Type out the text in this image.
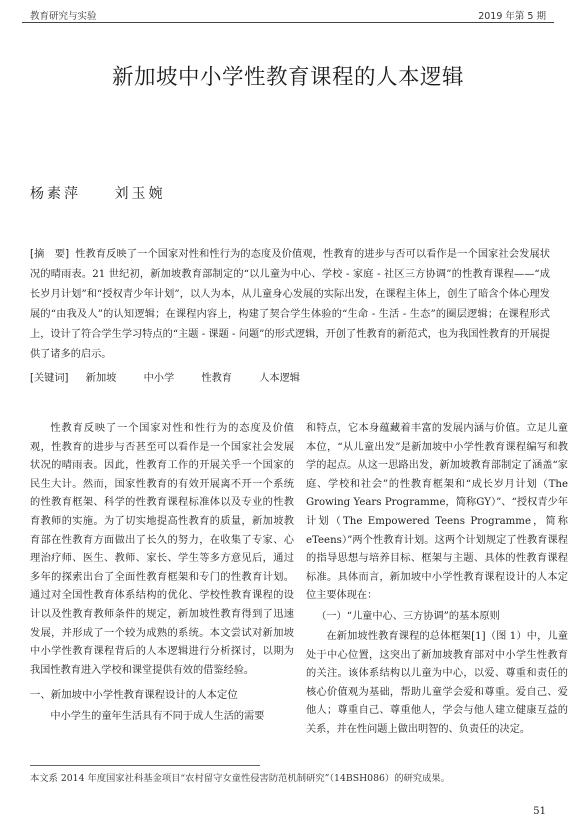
教育研究与实验	2019 年第 5 期
新加坡中小学性教育课程的人本逻辑
杨素萍 刘玉婉
[摘　要] 性教育反映了一个国家对性和性行为的态度及价值观，性教育的进步与否可以看作是一个国家社会发展状况的晴雨表。21 世纪初，新加坡教育部制定的“以儿童为中心、学校 - 家庭 - 社区三方协调”的性教育课程——“成长岁月计划”和“授权青少年计划”，以人为本，从儿童身心发展的实际出发，在课程主体上，创生了暗含个体心理发展的“由我及人”的认知逻辑；在课程内容上，构建了契合学生体验的“生命 - 生活 - 生态”的圈层逻辑；在课程形式上，设计了符合学生学习特点的“主题 - 课题 - 问题”的形式逻辑，开创了性教育的新范式，也为我国性教育的开展提供了诸多的启示。
[关键词] 新加坡	中小学	性教育	人本逻辑

性教育反映了一个国家对性和性行为的态度及价值观，性教育的进步与否甚至可以看作是一个国家社会发展状况的晴雨表。因此，性教育工作的开展关乎一个国家的民生大计。然而，国家性教育的有效开展离不开一个系统的性教育框架、科学的性教育课程标准体以及专业的性教育教师的实施。为了切实地提高性教育的质量，新加坡教育部在性教育方面做出了长久的努力，在收集了专家、心理治疗师、医生、教师、家长、学生等多方意见后，通过多年的探索出台了全面性教育框架和专门的性教育计划。通过对全国性教育体系结构的优化、学校性教育课程的设计以及性教育教师条件的规定，新加坡性教育得到了迅速发展，并形成了一个较为成熟的系统。本文尝试对新加坡中小学性教育课程背后的人本逻辑进行分析探讨，以期为我国性教育进入学校和课堂提供有效的借鉴经验。

一、新加坡中小学性教育课程设计的人本定位

中小学生的童年生活具有不同于成人生活的需要

和特点，它本身蕴藏着丰富的发展内涵与价值。立足儿童本位，“从儿童出发”是新加坡中小学性教育课程编写和教学的起点。从这一思路出发，新加坡教育部制定了涵盖“家庭、学校和社会”的性教育框架和“成长岁月计划（The Growing Years Programme，简称GY）”、“授权青少年计划（The Empowered Teens Programme，简称 eTeens）”两个性教育计划。这两个计划规定了性教育课程的指导思想与培养目标、框架与主题、具体的性教育课程标准。具体而言，新加坡中小学性教育课程设计的人本定位主要体现在：

（一）“儿童中心、三方协调”的基本原则

在新加坡性教育课程的总体框架[1]（图 1）中，儿童处于中心位置，这突出了新加坡教育部对中小学生性教育的关注。该体系结构以儿童为中心，以爱、尊重和责任的核心价值观为基础，帮助儿童学会爱和尊重。爱自己、爱他人；尊重自己、尊重他人，学会与他人建立健康互益的关系，并在性问题上做出明智的、负责任的决定。

本文系 2014 年度国家社科基金项目“农村留守女童性侵害防范机制研究”（14BSH086）的研究成果。
51
